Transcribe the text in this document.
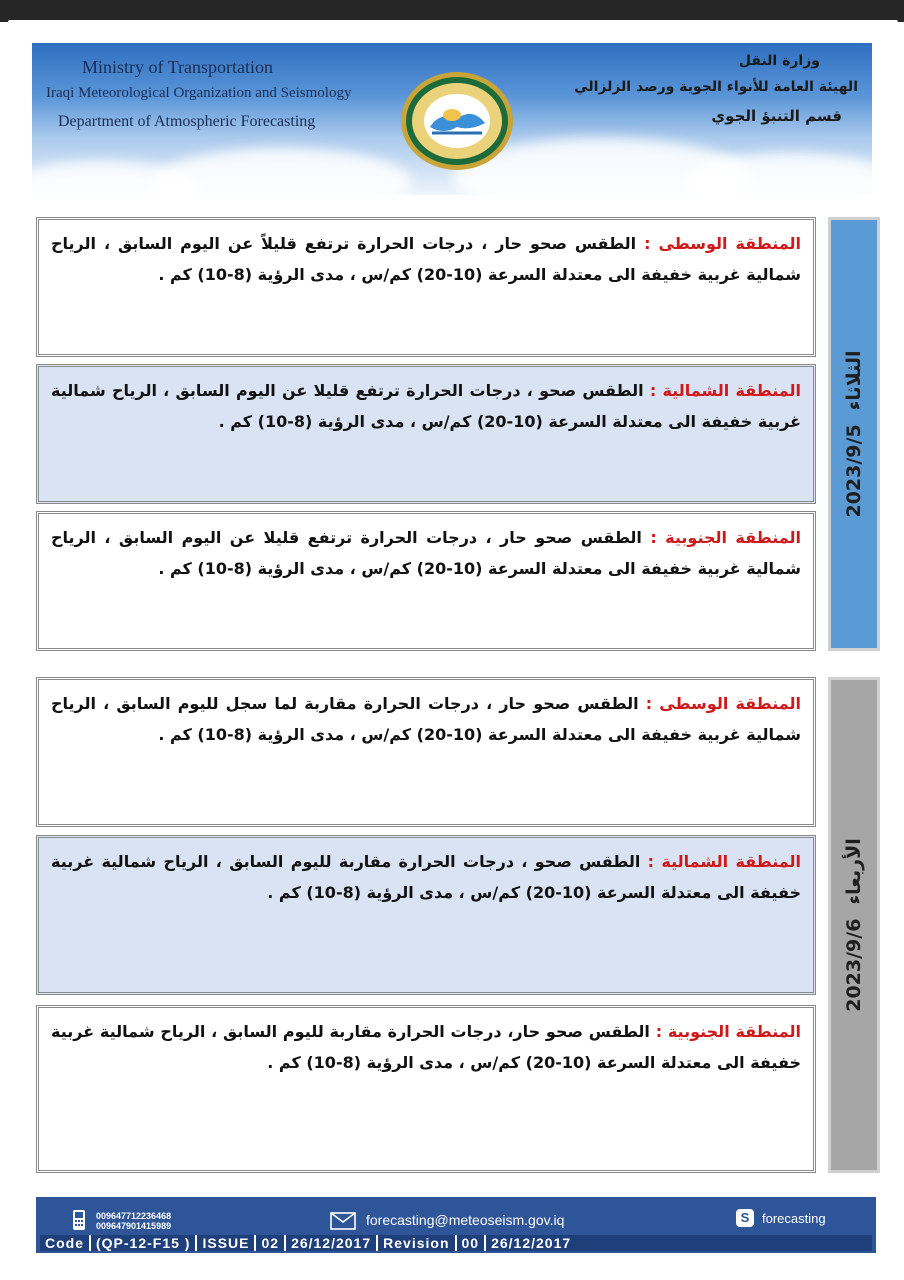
Ministry of Transportation
Iraqi Meteorological Organization and Seismology
Department of Atmospheric Forecasting
وزارة النقل
الهيئة العامة للأنواء الجوية ورصد الزلزالي
قسم التنبؤ الجوي

المنطقة الوسطى : الطقس صحو حار ، درجات الحرارة ترتفع قليلاً عن اليوم السابق ، الرياح شمالية غربية خفيفة الى معتدلة السرعة (10-20) كم/س ، مدى الرؤية (8-10) كم .

المنطقة الشمالية : الطقس صحو ، درجات الحرارة ترتفع قليلا عن اليوم السابق ، الرياح شمالية غربية خفيفة الى معتدلة السرعة (10-20) كم/س ، مدى الرؤية (8-10) كم .

المنطقة الجنوبية : الطقس صحو حار ، درجات الحرارة ترتفع قليلا عن اليوم السابق ، الرياح شمالية غربية خفيفة الى معتدلة السرعة (10-20) كم/س ، مدى الرؤية (8-10) كم .

الثلاثاء2023/9/5

المنطقة الوسطى : الطقس صحو حار ، درجات الحرارة مقاربة لما سجل لليوم السابق ، الرياح شمالية غربية خفيفة الى معتدلة السرعة (10-20) كم/س ، مدى الرؤية (8-10) كم .

المنطقة الشمالية : الطقس صحو ، درجات الحرارة مقاربة لليوم السابق ، الرياح شمالية غربية خفيفة الى معتدلة السرعة (10-20) كم/س ، مدى الرؤية (8-10) كم .

المنطقة الجنوبية : الطقس صحو حار، درجات الحرارة مقاربة لليوم السابق ، الرياح شمالية غربية خفيفة الى معتدلة السرعة (10-20) كم/س ، مدى الرؤية (8-10) كم .

الأربعاء2023/9/6
009647712236468
009647901415989	forecasting@meteoseism.gov.iq	S forecasting
Code (QP-12-F15 ) ISSUE 02 26/12/2017 Revision 00 26/12/2017
